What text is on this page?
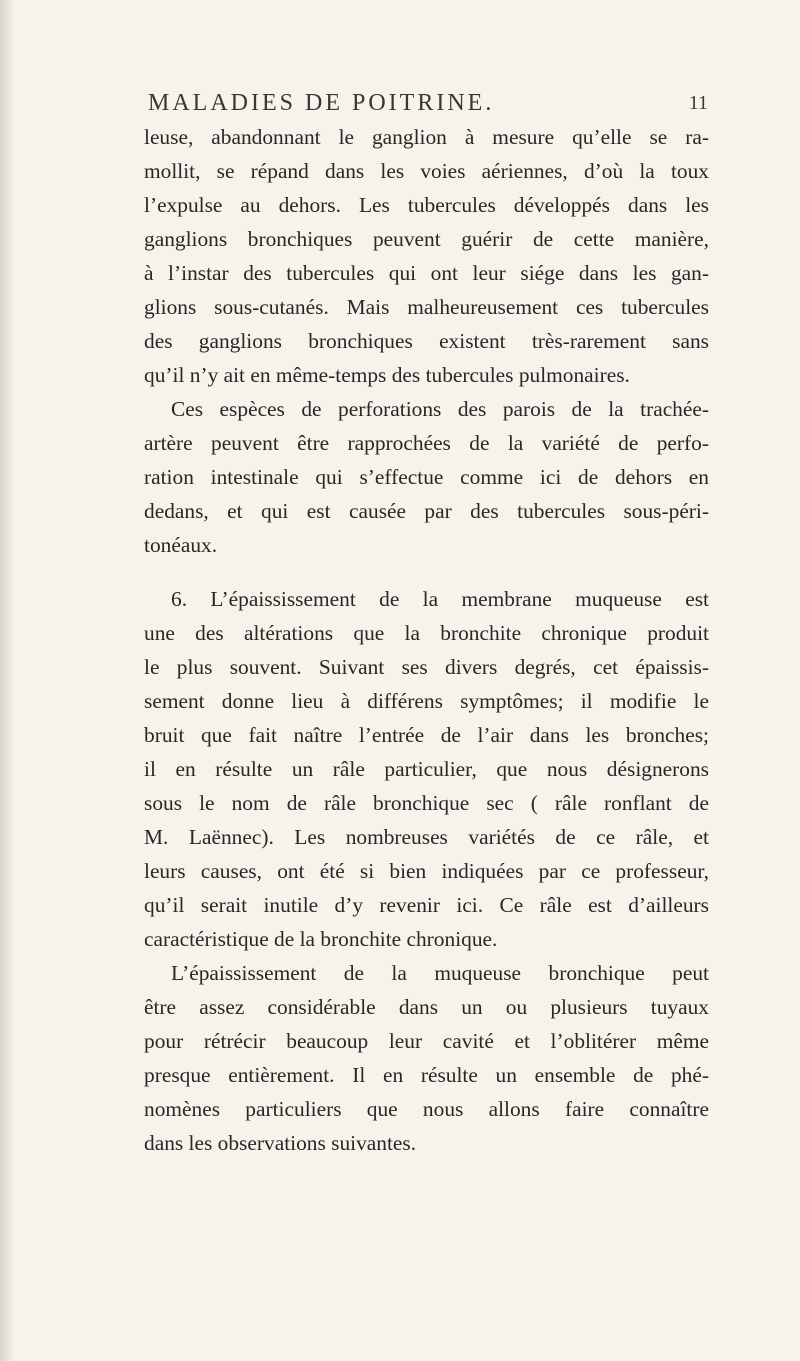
MALADIES DE POITRINE.	11
leuse, abandonnant le ganglion à mesure qu’elle se ra-
mollit, se répand dans les voies aériennes, d’où la toux
l’expulse au dehors. Les tubercules développés dans les
ganglions bronchiques peuvent guérir de cette manière,
à l’instar des tubercules qui ont leur siége dans les gan-
glions sous-cutanés. Mais malheureusement ces tubercules
des ganglions bronchiques existent très-rarement sans
qu’il n’y ait en même-temps des tubercules pulmonaires.
Ces espèces de perforations des parois de la trachée-
artère peuvent être rapprochées de la variété de perfo-
ration intestinale qui s’effectue comme ici de dehors en
dedans, et qui est causée par des tubercules sous-péri-
tonéaux.
6. L’épaississement de la membrane muqueuse est
une des altérations que la bronchite chronique produit
le plus souvent. Suivant ses divers degrés, cet épaissis-
sement donne lieu à différens symptômes; il modifie le
bruit que fait naître l’entrée de l’air dans les bronches;
il en résulte un râle particulier, que nous désignerons
sous le nom de râle bronchique sec ( râle ronflant de
M. Laënnec). Les nombreuses variétés de ce râle, et
leurs causes, ont été si bien indiquées par ce professeur,
qu’il serait inutile d’y revenir ici. Ce râle est d’ailleurs
caractéristique de la bronchite chronique.
L’épaississement de la muqueuse bronchique peut
être assez considérable dans un ou plusieurs tuyaux
pour rétrécir beaucoup leur cavité et l’oblitérer même
presque entièrement. Il en résulte un ensemble de phé-
nomènes particuliers que nous allons faire connaître
dans les observations suivantes.
